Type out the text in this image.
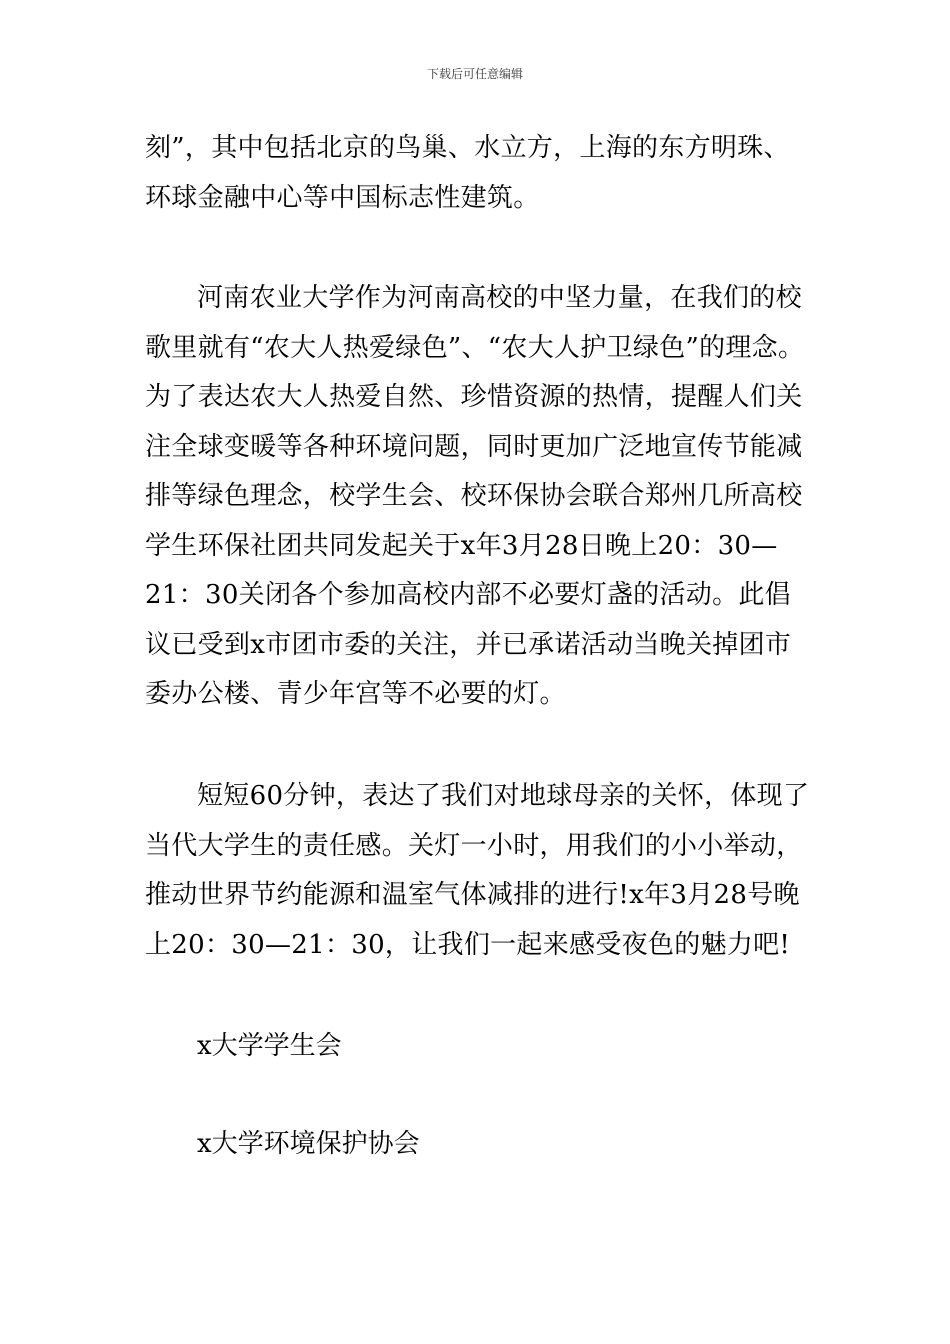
下载后可任意编辑

刻”，其中包括北京的鸟巢、水立方，上海的东方明珠、环球金融中心等中国标志性建筑。

河南农业大学作为河南高校的中坚力量，在我们的校歌里就有“农大人热爱绿色”、“农大人护卫绿色”的理念。为了表达农大人热爱自然、珍惜资源的热情，提醒人们关注全球变暖等各种环境问题，同时更加广泛地宣传节能减排等绿色理念，校学生会、校环保协会联合郑州几所高校学生环保社团共同发起关于x年3月28日晚上20：30—21：30关闭各个参加高校内部不必要灯盏的活动。此倡议已受到x市团市委的关注，并已承诺活动当晚关掉团市委办公楼、青少年宫等不必要的灯。

短短60分钟，表达了我们对地球母亲的关怀，体现了当代大学生的责任感。关灯一小时，用我们的小小举动，推动世界节约能源和温室气体减排的进行!x年3月28号晚上20：30—21：30，让我们一起来感受夜色的魅力吧!

x大学学生会

x大学环境保护协会
